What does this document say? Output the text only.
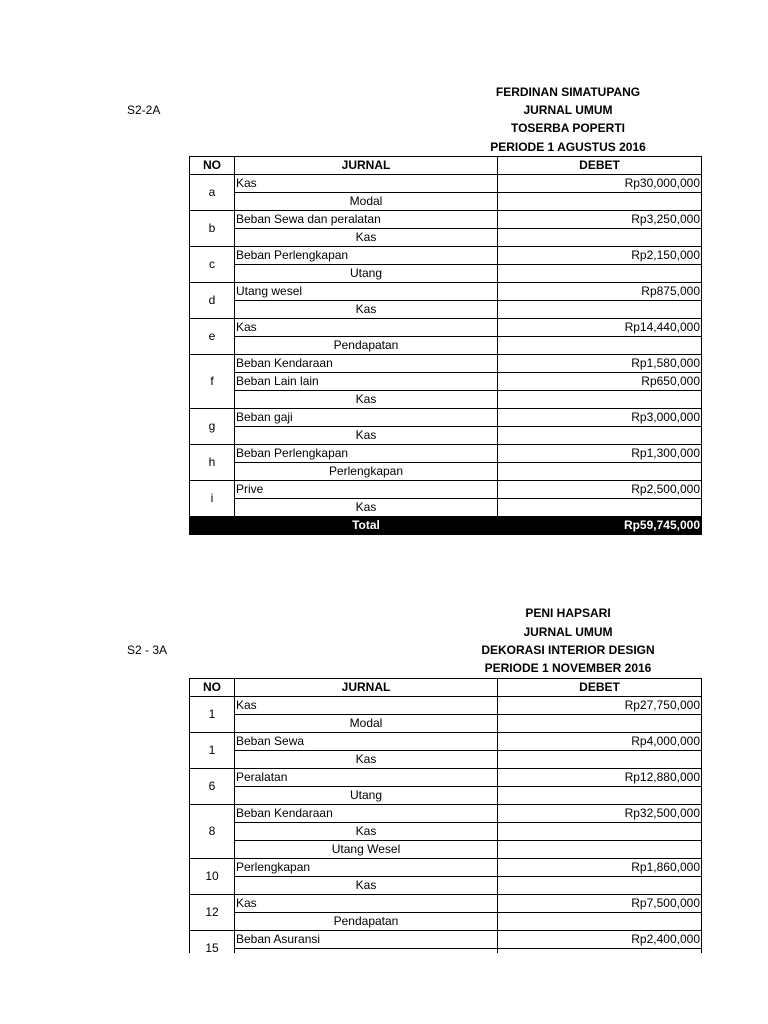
S2-2A
FERDINAN SIMATUPANG
JURNAL UMUM
TOSERBA POPERTI
PERIODE 1 AGUSTUS 2016
NO	JURNAL	DEBET
a	Kas	Rp30,000,000
	Modal	
b	Beban Sewa dan peralatan	Rp3,250,000
	Kas	
c	Beban Perlengkapan	Rp2,150,000
	Utang	
d	Utang wesel	Rp875,000
	Kas	
e	Kas	Rp14,440,000
	Pendapatan	
f	Beban Kendaraan	Rp1,580,000
	Beban Lain lain	Rp650,000
	Kas	
g	Beban gaji	Rp3,000,000
	Kas	
h	Beban Perlengkapan	Rp1,300,000
	Perlengkapan	
i	Prive	Rp2,500,000
	Kas	
	Total	Rp59,745,000
S2 - 3A
PENI HAPSARI
JURNAL UMUM
DEKORASI INTERIOR DESIGN
PERIODE 1 NOVEMBER 2016
NO	JURNAL	DEBET
1	Kas	Rp27,750,000
	Modal	
1	Beban Sewa	Rp4,000,000
	Kas	
6	Peralatan	Rp12,880,000
	Utang	
8	Beban Kendaraan	Rp32,500,000
	Kas	
	Utang Wesel	
10	Perlengkapan	Rp1,860,000
	Kas	
12	Kas	Rp7,500,000
	Pendapatan	
15	Beban Asuransi	Rp2,400,000
